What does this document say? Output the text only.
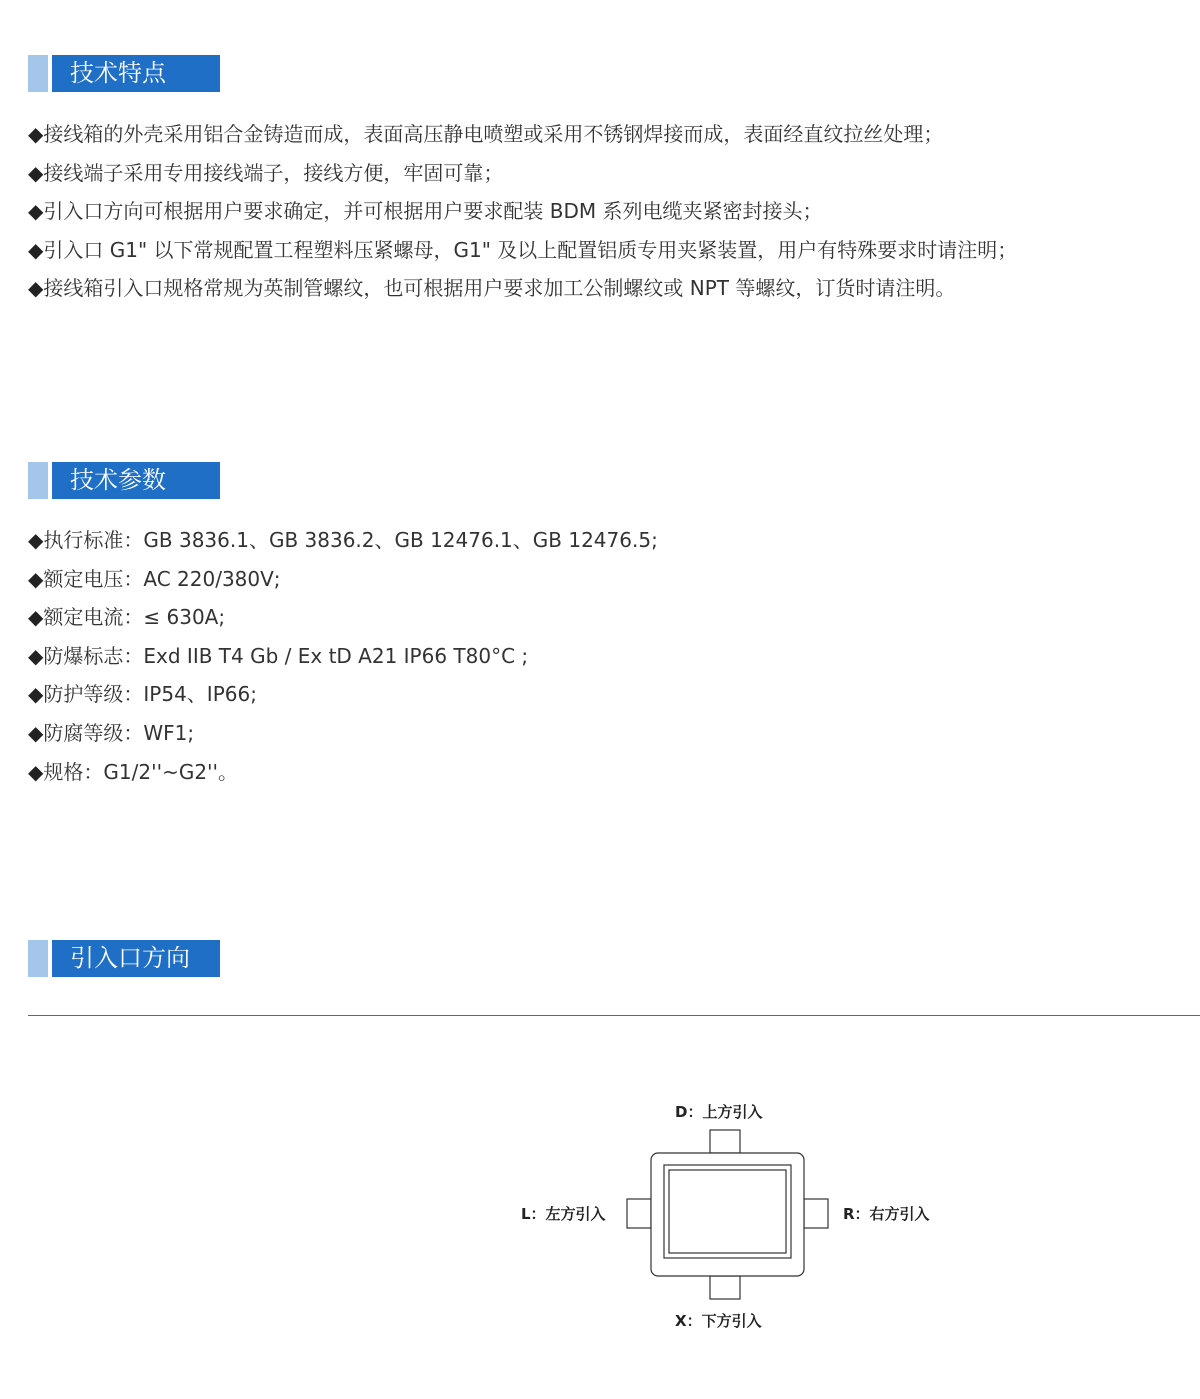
技术特点
◆接线箱的外壳采用铝合金铸造而成，表面高压静电喷塑或采用不锈钢焊接而成，表面经直纹拉丝处理；
◆接线端子采用专用接线端子，接线方便，牢固可靠；
◆引入口方向可根据用户要求确定，并可根据用户要求配装 BDM 系列电缆夹紧密封接头；
◆引入口 G1" 以下常规配置工程塑料压紧螺母，G1" 及以上配置铝质专用夹紧装置，用户有特殊要求时请注明；
◆接线箱引入口规格常规为英制管螺纹，也可根据用户要求加工公制螺纹或 NPT 等螺纹，订货时请注明。
技术参数
◆执行标准：GB 3836.1、GB 3836.2、GB 12476.1、GB 12476.5;
◆额定电压：AC 220/380V;
◆额定电流：≤ 630A;
◆防爆标志：Exd IIB T4 Gb / Ex tD A21 IP66 T80°C ;
◆防护等级：IP54、IP66;
◆防腐等级：WF1;
◆规格：G1/2''~G2''。
引入口方向
D：上方引入
L：左方引入	R：右方引入
X：下方引入
